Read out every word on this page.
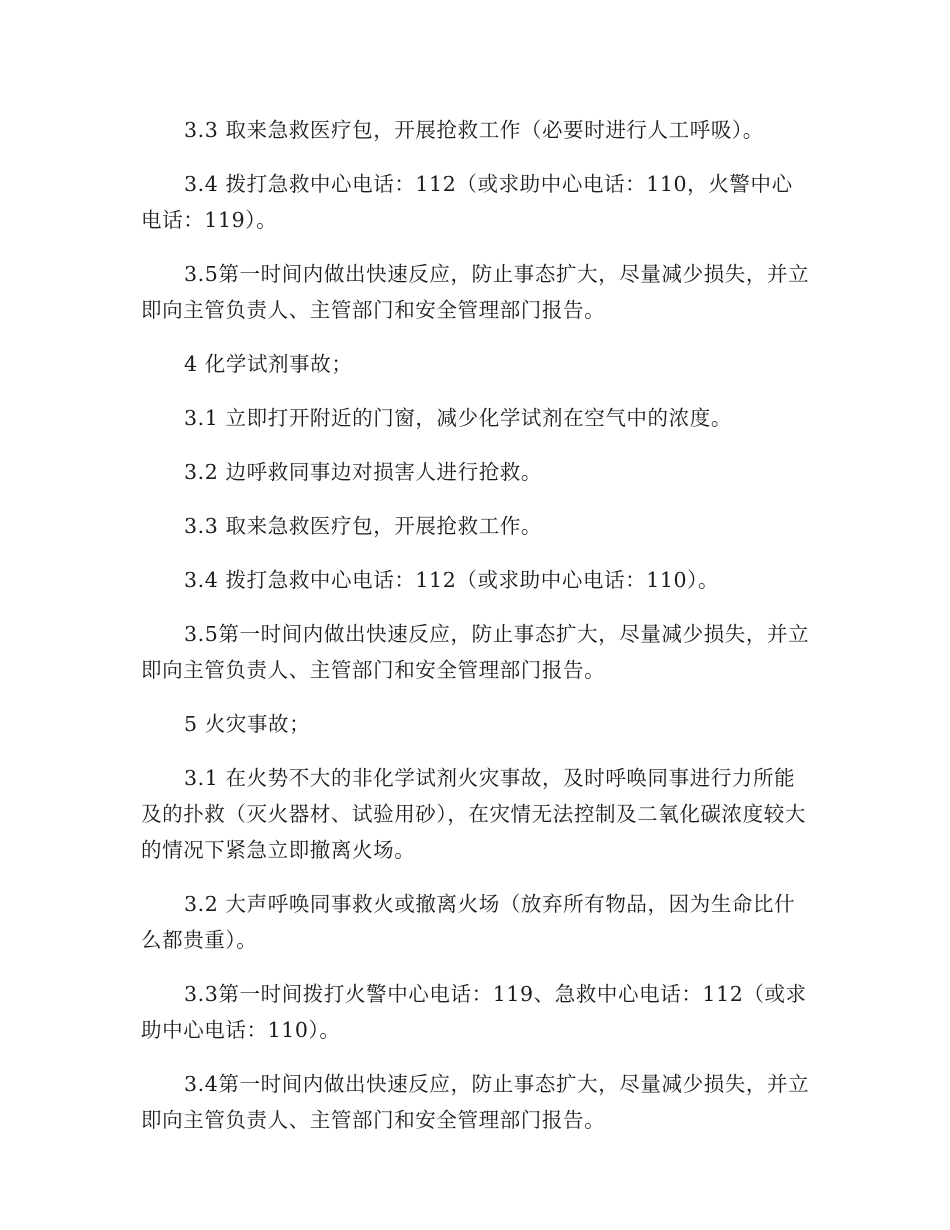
3.3 取来急救医疗包，开展抢救工作（必要时进行人工呼吸）。

3.4 拨打急救中心电话：112（或求助中心电话：110，火警中心电话：119）。

3.5第一时间内做出快速反应，防止事态扩大，尽量减少损失，并立即向主管负责人、主管部门和安全管理部门报告。

4 化学试剂事故；

3.1 立即打开附近的门窗，减少化学试剂在空气中的浓度。

3.2 边呼救同事边对损害人进行抢救。

3.3 取来急救医疗包，开展抢救工作。

3.4 拨打急救中心电话：112（或求助中心电话：110）。

3.5第一时间内做出快速反应，防止事态扩大，尽量减少损失，并立即向主管负责人、主管部门和安全管理部门报告。

5 火灾事故；

3.1 在火势不大的非化学试剂火灾事故，及时呼唤同事进行力所能及的扑救（灭火器材、试验用砂），在灾情无法控制及二氧化碳浓度较大的情况下紧急立即撤离火场。

3.2 大声呼唤同事救火或撤离火场（放弃所有物品，因为生命比什么都贵重）。

3.3第一时间拨打火警中心电话：119、急救中心电话：112（或求助中心电话：110）。

3.4第一时间内做出快速反应，防止事态扩大，尽量减少损失，并立即向主管负责人、主管部门和安全管理部门报告。
